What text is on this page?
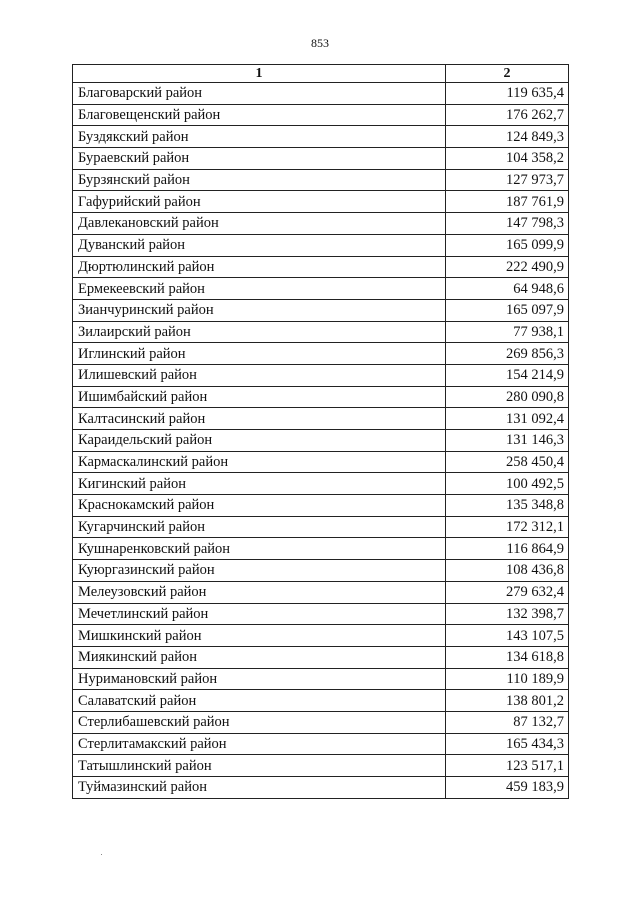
853
1	2
Благоварский район	119 635,4
Благовещенский район	176 262,7
Буздякский район	124 849,3
Бураевский район	104 358,2
Бурзянский район	127 973,7
Гафурийский район	187 761,9
Давлекановский район	147 798,3
Дуванский район	165 099,9
Дюртюлинский район	222 490,9
Ермекеевский район	64 948,6
Зианчуринский район	165 097,9
Зилаирский район	77 938,1
Иглинский район	269 856,3
Илишевский район	154 214,9
Ишимбайский район	280 090,8
Калтасинский район	131 092,4
Караидельский район	131 146,3
Кармаскалинский район	258 450,4
Кигинский район	100 492,5
Краснокамский район	135 348,8
Кугарчинский район	172 312,1
Кушнаренковский район	116 864,9
Куюргазинский район	108 436,8
Мелеузовский район	279 632,4
Мечетлинский район	132 398,7
Мишкинский район	143 107,5
Миякинский район	134 618,8
Нуримановский район	110 189,9
Салаватский район	138 801,2
Стерлибашевский район	87 132,7
Стерлитамакский район	165 434,3
Татышлинский район	123 517,1
Туймазинский район	459 183,9
